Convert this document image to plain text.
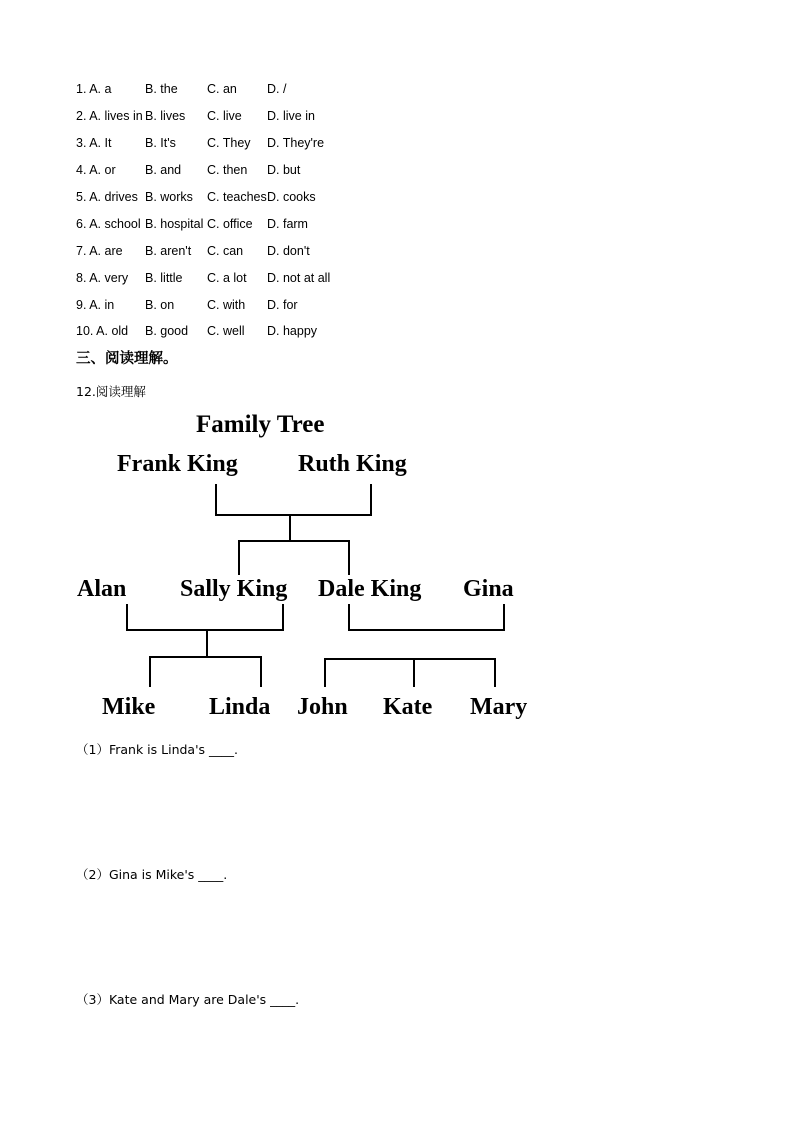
1. A. a	B. the C. an D. /
2. A. lives in B. lives C. live D. live in
3. A. It	B. It's C. They D. They're
4. A. or B. and C. then D. but
5. A. drives B. works C. teaches D. cooks
6. A. school B. hospital C. office D. farm
7. A. are B. aren't C. can D. don't
8. A. very B. little C. a lot D. not at all
9. A. in B. on	C. with D. for
10. A. old B. good C. well D. happy
三、阅读理解。
12.阅读理解
Family Tree
Frank King	Ruth King
Alan Sally King Dale King Gina
Mike Linda John Kate Mary
（1）Frank is Linda's ____.
（2）Gina is Mike's ____.
（3）Kate and Mary are Dale's ____.
